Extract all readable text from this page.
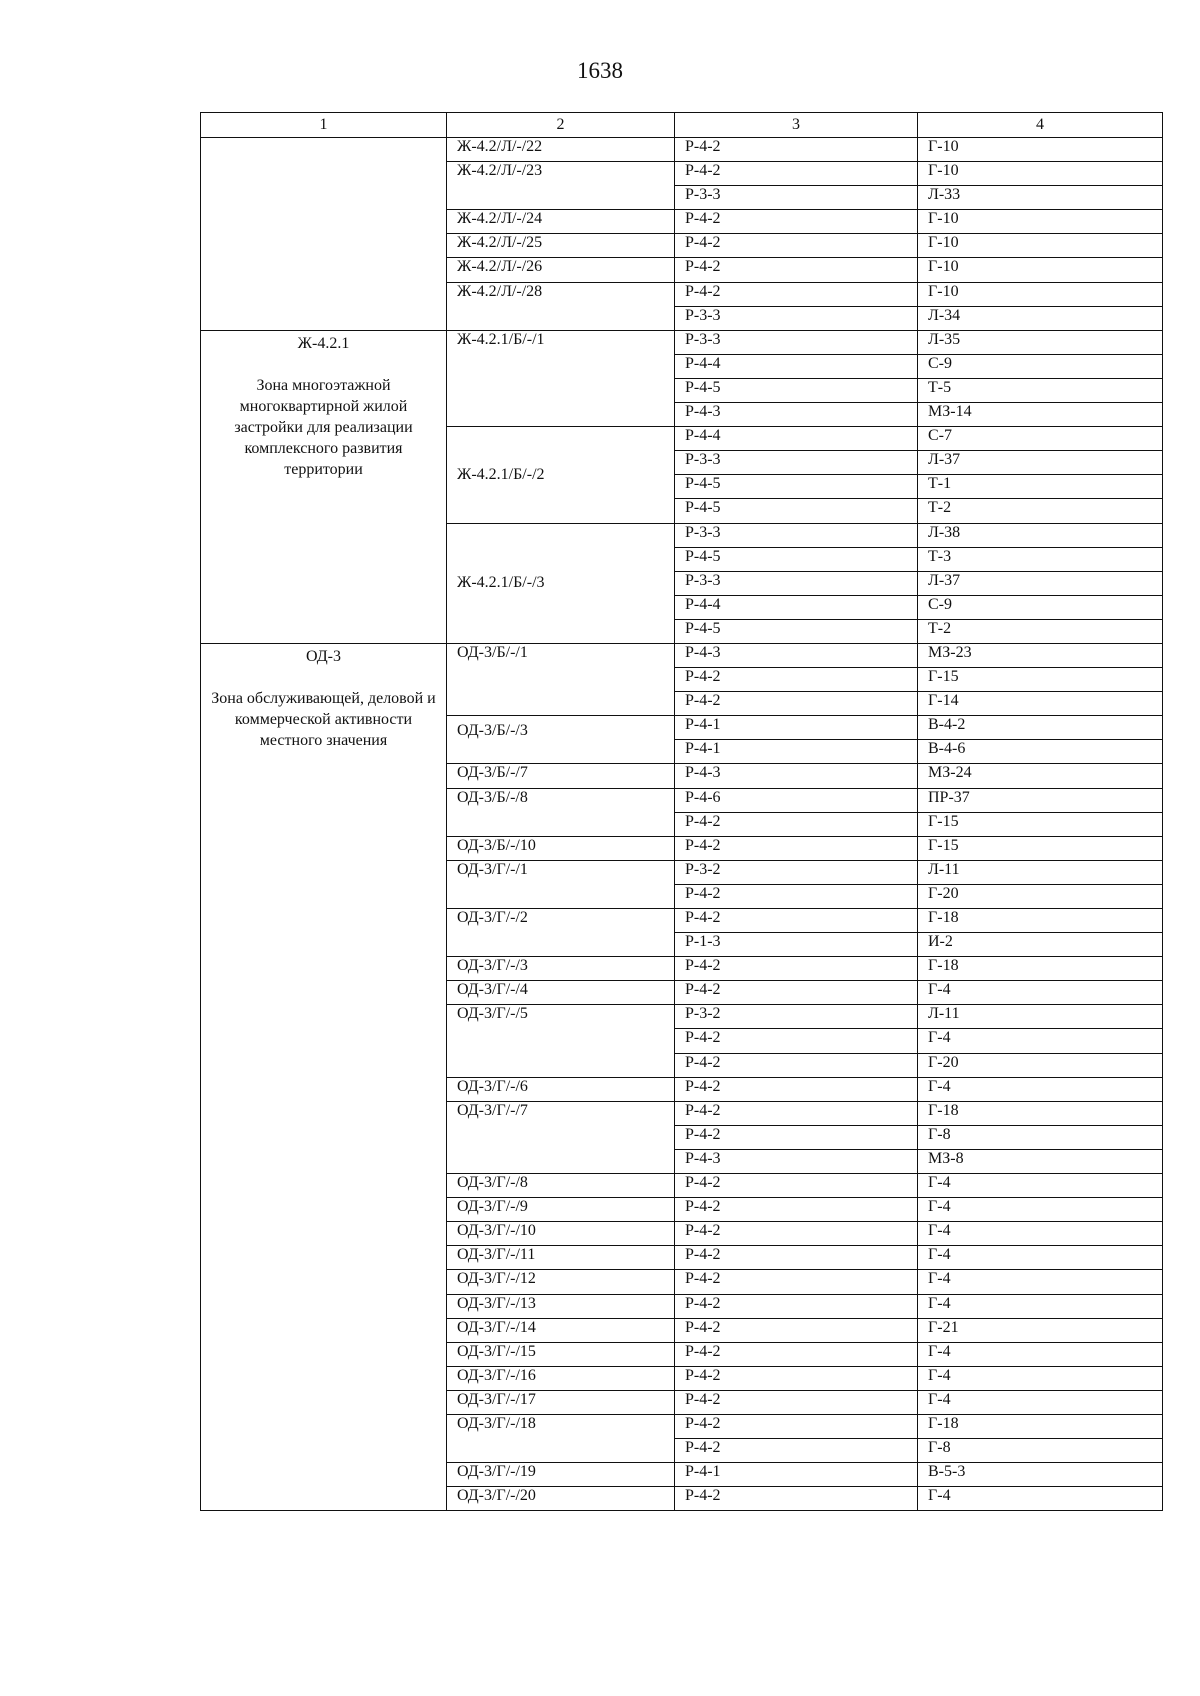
1638
1	2	3	4

	Ж-4.2/Л/-/22	Р-4-2	Г-10
	Ж-4.2/Л/-/23	Р-4-2	Г-10
		Р-3-3	Л-33
	Ж-4.2/Л/-/24	Р-4-2	Г-10
	Ж-4.2/Л/-/25	Р-4-2	Г-10
	Ж-4.2/Л/-/26	Р-4-2	Г-10
	Ж-4.2/Л/-/28	Р-4-2	Г-10
		Р-3-3	Л-34

Ж-4.2.1
Зона многоэтажной многоквартирной жилой застройки для реализации комплексного развития территории	Ж-4.2.1/Б/-/1	Р-3-3	Л-35
		Р-4-4	С-9
		Р-4-5	Т-5
		Р-4-3	МЗ-14
	Ж-4.2.1/Б/-/2	Р-4-4	С-7
		Р-3-3	Л-37
		Р-4-5	Т-1
		Р-4-5	Т-2
	Ж-4.2.1/Б/-/3	Р-3-3	Л-38
		Р-4-5	Т-3
		Р-3-3	Л-37
		Р-4-4	С-9
		Р-4-5	Т-2

ОД-3
Зона обслуживающей, деловой и коммерческой активности местного значения	ОД-3/Б/-/1	Р-4-3	МЗ-23
		Р-4-2	Г-15
		Р-4-2	Г-14
	ОД-3/Б/-/3	Р-4-1	В-4-2
		Р-4-1	В-4-6
	ОД-3/Б/-/7	Р-4-3	МЗ-24
	ОД-3/Б/-/8	Р-4-6	ПР-37
		Р-4-2	Г-15
	ОД-3/Б/-/10	Р-4-2	Г-15
	ОД-3/Г/-/1	Р-3-2	Л-11
		Р-4-2	Г-20
	ОД-3/Г/-/2	Р-4-2	Г-18
		Р-1-3	И-2
	ОД-3/Г/-/3	Р-4-2	Г-18
	ОД-3/Г/-/4	Р-4-2	Г-4
	ОД-3/Г/-/5	Р-3-2	Л-11
		Р-4-2	Г-4
		Р-4-2	Г-20
	ОД-3/Г/-/6	Р-4-2	Г-4
	ОД-3/Г/-/7	Р-4-2	Г-18
		Р-4-2	Г-8
		Р-4-3	МЗ-8
	ОД-3/Г/-/8	Р-4-2	Г-4
	ОД-3/Г/-/9	Р-4-2	Г-4
	ОД-3/Г/-/10	Р-4-2	Г-4
	ОД-3/Г/-/11	Р-4-2	Г-4
	ОД-3/Г/-/12	Р-4-2	Г-4
	ОД-3/Г/-/13	Р-4-2	Г-4
	ОД-3/Г/-/14	Р-4-2	Г-21
	ОД-3/Г/-/15	Р-4-2	Г-4
	ОД-3/Г/-/16	Р-4-2	Г-4
	ОД-3/Г/-/17	Р-4-2	Г-4
	ОД-3/Г/-/18	Р-4-2	Г-18
		Р-4-2	Г-8
	ОД-3/Г/-/19	Р-4-1	В-5-3
	ОД-3/Г/-/20	Р-4-2	Г-4
